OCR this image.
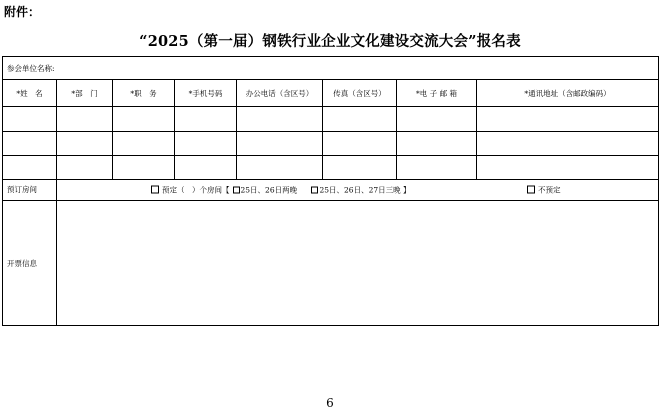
附件：
“2025（第一届）钢铁行业企业文化建设交流大会”报名表
参会单位名称:							
*姓　名	*部　门	*职　务	*手机号码	办公电话（含区号）	传真（含区号）	*电 子 邮 箱	*通讯地址（含邮政编码）

预订房间	预定（　）个房间【 25日、26日两晚 25日、26日、27日三晚 】 不预定						

开票信息							
6
